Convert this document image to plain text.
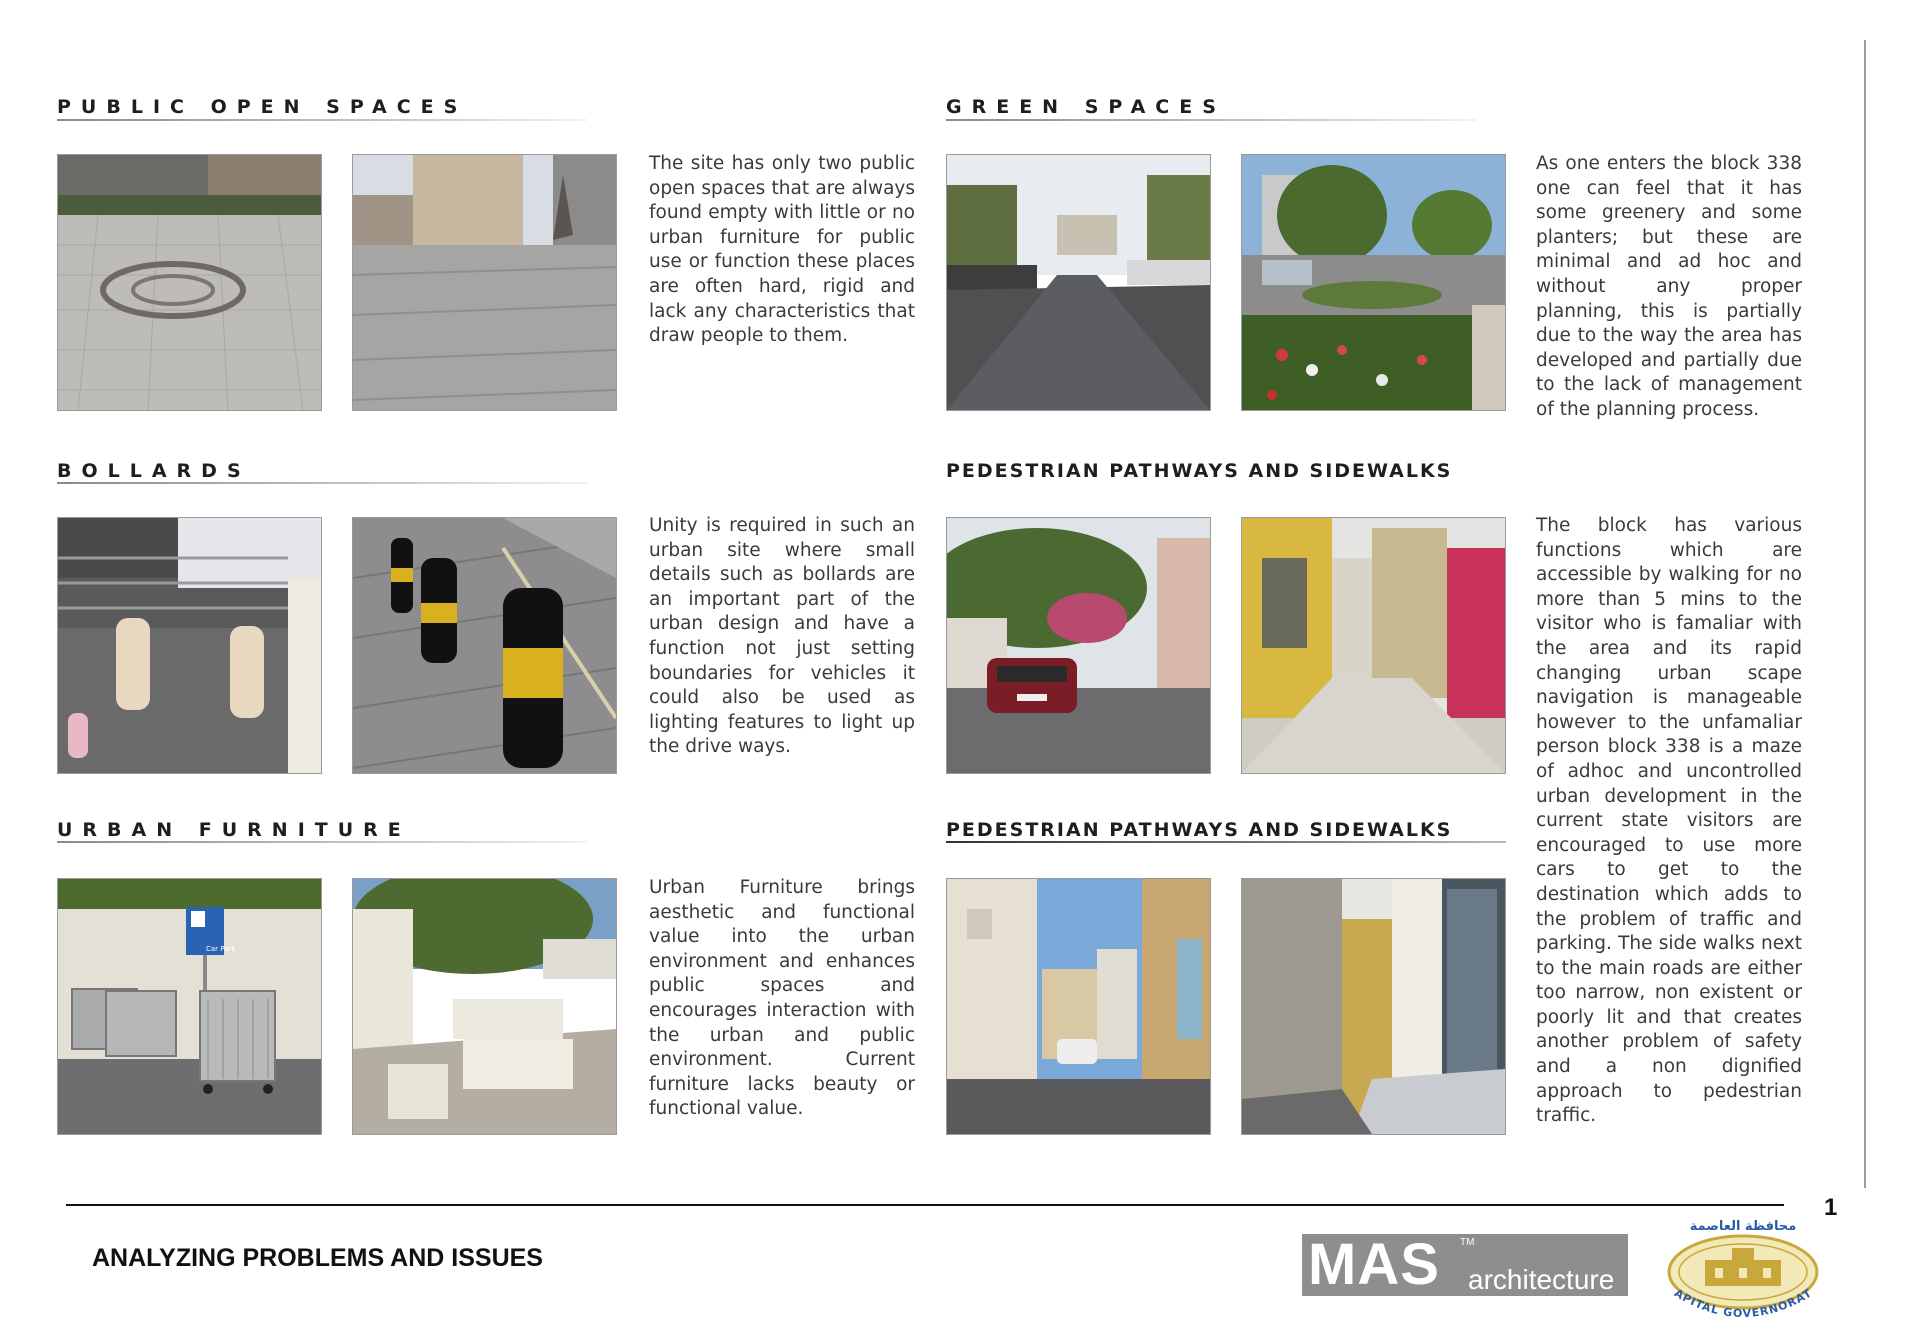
PUBLIC OPEN SPACES

The site has only two public open spaces that are always found empty with little or no urban furniture for public use or function these places are often hard, rigid and lack any characteristics that draw people to them.

GREEN SPACES

As one enters the block 338 one can feel that it has some greenery and some planters; but these are minimal and ad hoc and without any proper planning, this is partially due to the way the area has developed and partially due to the lack of management of the planning process.

BOLLARDS

Unity is required in such an urban site where small details such as bollards are an important part of the urban design and have a function not just setting boundaries for vehicles it could also be used as lighting features to light up the drive ways.

PEDESTRIAN PATHWAYS AND SIDEWALKS

The block has various functions which are accessible by walking for no more than 5 mins to the visitor who is famaliar with the area and its rapid changing urban scape navigation is manageable however to the unfamaliar person block 338 is a maze of adhoc and uncontrolled urban development in the current state visitors are encouraged to use more cars to get to the destination which adds to the problem of traffic and parking. The side walks next to the main roads are either too narrow, non existent or poorly lit and that creates another problem of safety and a non dignified approach to pedestrian traffic.

URBAN FURNITURE
Car Park

Urban Furniture brings aesthetic and functional value into the urban environment and enhances public spaces and encourages interaction with the urban and public environment. Current furniture lacks beauty or functional value.

PEDESTRIAN PATHWAYS AND SIDEWALKS
1
ANALYZING PROBLEMS AND ISSUES	MAS TM
architecture
محافظة العاصمة
APITAL GOVERNORAT
